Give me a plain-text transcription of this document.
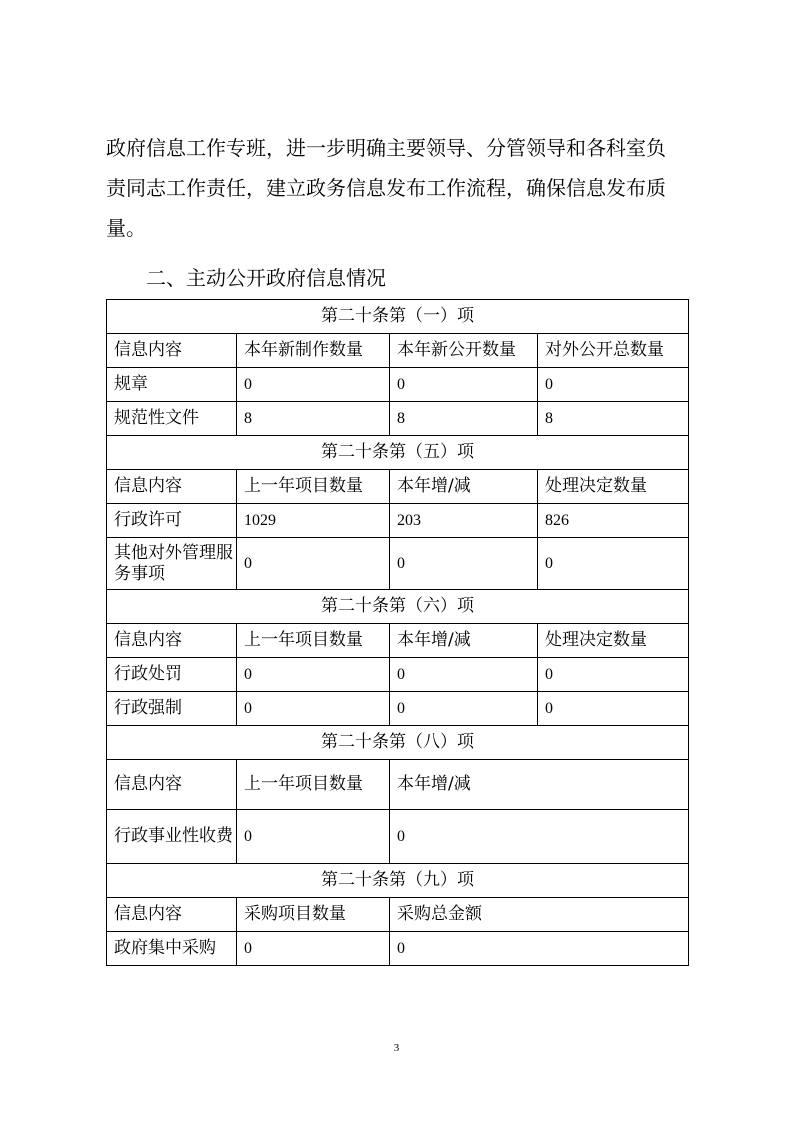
政府信息工作专班，进一步明确主要领导、分管领导和各科室负
责同志工作责任，建立政务信息发布工作流程，确保信息发布质
量。

二、主动公开政府信息情况
第二十条第（一）项			
信息内容	本年新制作数量	本年新公开数量	对外公开总数量
规章	0	0	0
规范性文件	8	8	8
第二十条第（五）项			
信息内容	上一年项目数量	本年增/减	处理决定数量
行政许可	1029	203	826
其他对外管理服务事项	0	0	0
第二十条第（六）项			
信息内容	上一年项目数量	本年增/减	处理决定数量
行政处罚	0	0	0
行政强制	0	0	0
第二十条第（八）项			
信息内容	上一年项目数量	本年增/减	
行政事业性收费	0	0	
第二十条第（九）项			
信息内容	采购项目数量	采购总金额	
政府集中采购	0	0	
3
